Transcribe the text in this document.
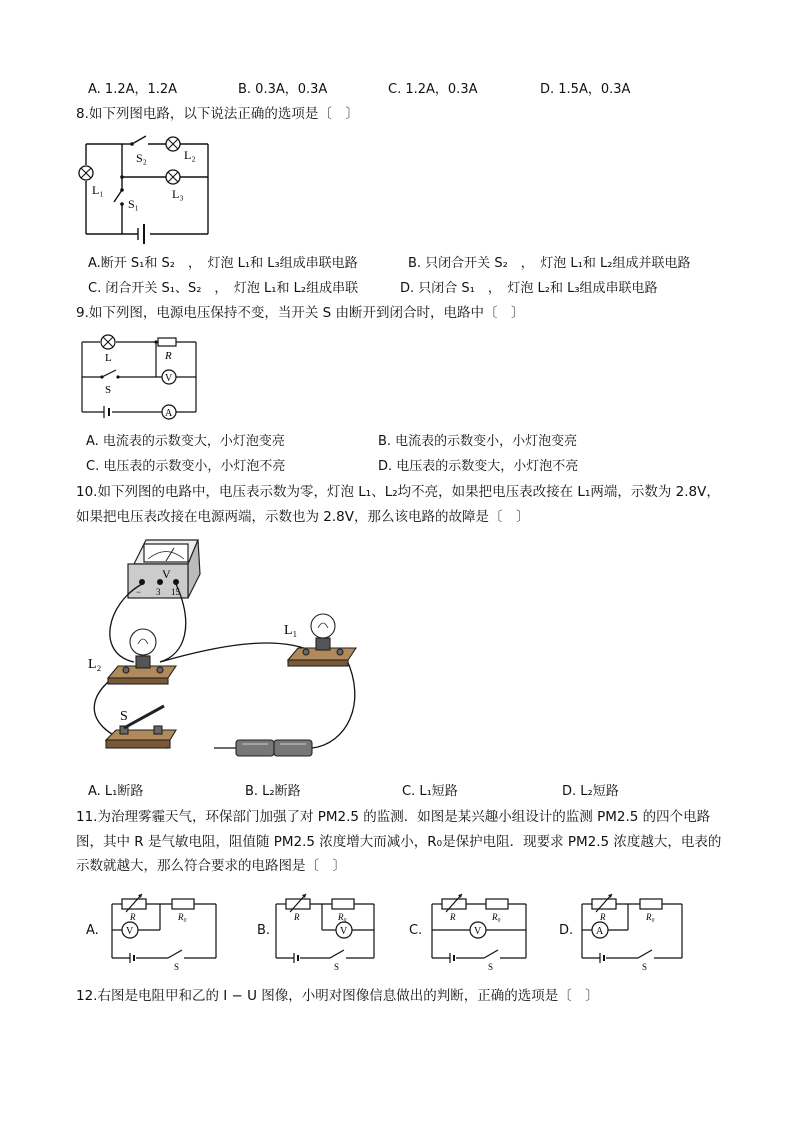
A. 1.2A，1.2A	B. 0.3A，0.3A	C. 1.2A，0.3A	D. 1.5A，0.3A
8.如下列图电路，以下说法正确的选项是〔　〕
S₂	L₂
L₁	L₃
S₁
A.断开 S₁和 S₂　，　灯泡 L₁和 L₃组成串联电路	B. 只闭合开关 S₂　，　灯泡 L₁和 L₂组成并联电路
C. 闭合开关 S₁、S₂　，　灯泡 L₁和 L₂组成串联	D. 只闭合 S₁　，　灯泡 L₂和 L₃组成串联电路
9.如下列图，电源电压保持不变，当开关 S 由断开到闭合时，电路中〔　〕
L	R
S
V
A
A. 电流表的示数变大，小灯泡变亮	B. 电流表的示数变小，小灯泡变亮
C. 电压表的示数变小，小灯泡不亮	D. 电压表的示数变大，小灯泡不亮
10.如下列图的电路中，电压表示数为零，灯泡 L₁、L₂均不亮，如果把电压表改接在 L₁两端，示数为 2.8V，
如果把电压表改接在电源两端，示数也为 2.8V，那么该电路的故障是〔　〕
V
− 3 15
L₂
L₁
S
A. L₁断路	B. L₂断路	C. L₁短路	D. L₂短路
11.为治理雾霾天气，环保部门加强了对 PM2.5 的监测．如图是某兴趣小组设计的监测 PM2.5 的四个电路
图，其中 R 是气敏电阻，阻值随 PM2.5 浓度增大而减小，R₀是保护电阻．现要求 PM2.5 浓度越大，电表的
示数就越大，那么符合要求的电路图是〔　〕
A.	B.	C.	D.
V
R	R₀
S
V
R	R₀
S
V
R	R₀
S
A
R	R₀
S
12.右图是电阻甲和乙的 I − U 图像，小明对图像信息做出的判断，正确的选项是〔　〕
